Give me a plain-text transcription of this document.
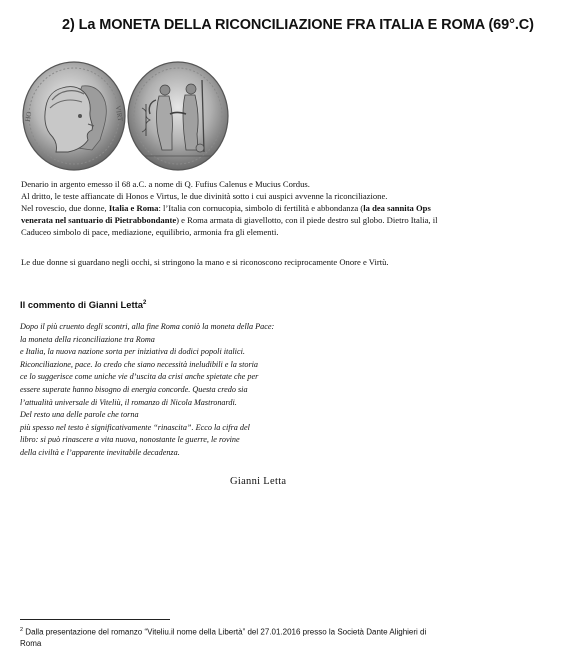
2) La MONETA DELLA RICONCILIAZIONE FRA ITALIA E ROMA (69°.C)
HO	VIRT

Denario in argento emesso il 68 a.C. a nome di Q. Fufius Calenus e Mucius Cordus.

Al dritto, le teste affiancate di Honos e Virtus, le due divinità sotto i cui auspici avvenne la riconciliazione.

Nel rovescio, due donne, Italia e Roma: l’Italia con cornucopia, simbolo di fertilità e abbondanza (la dea sannita Ops

venerata nel santuario di Pietrabbondante) e Roma armata di giavellotto, con il piede destro sul globo. Dietro Italia, il

Caduceo simbolo di pace, mediazione, equilibrio, armonia fra gli elementi.

Le due donne si guardano negli occhi, si stringono la mano e si riconoscono reciprocamente Onore e Virtù.
Il commento di Gianni Letta$^2$

Dopo il più cruento degli scontri, alla fine Roma coniò la moneta della Pace:

la moneta della riconciliazione tra Roma

e Italia, la nuova nazione sorta per iniziativa di dodici popoli italici.

Riconciliazione, pace. Io credo che siano necessità ineludibili e la storia

ce lo suggerisce come uniche vie d’uscita da crisi anche spietate che per

essere superate hanno bisogno di energia concorde. Questa credo sia

l’attualità universale di Viteliù, il romanzo di Nicola Mastronardi.

Del resto una delle parole che torna

più spesso nel testo è significativamente “rinascita”. Ecco la cifra del

libro: si può rinascere a vita nuova, nonostante le guerre, le rovine

della civiltà e l’apparente inevitabile decadenza.

Gianni Letta
$^2$ Dalla presentazione del romanzo “Viteliu.il nome della Libertà” del 27.01.2016 presso la Società Dante Alighieri di
Roma
